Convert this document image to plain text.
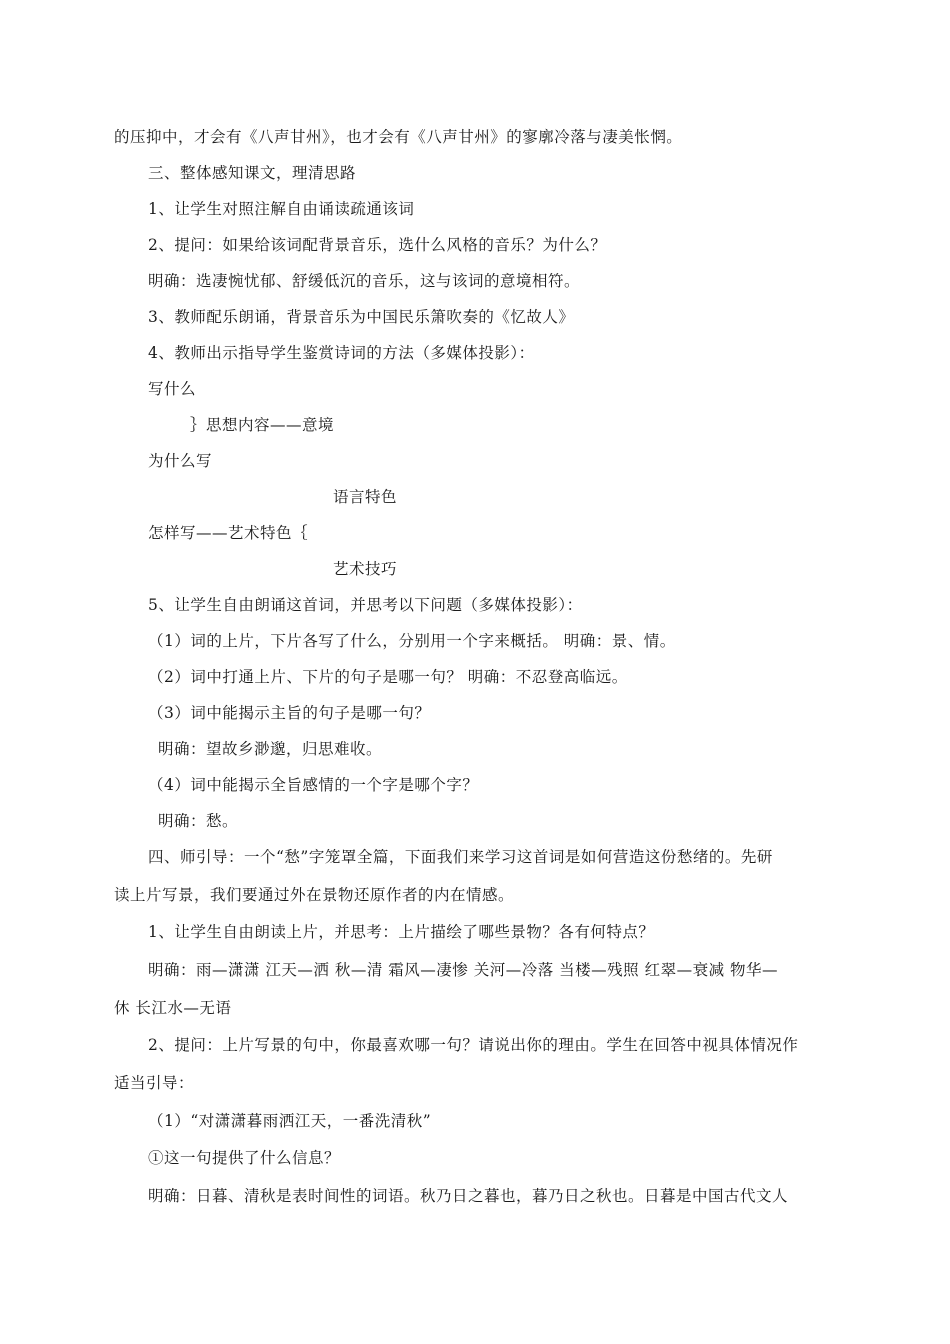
的压抑中，才会有《八声甘州》，也才会有《八声甘州》的寥廓冷落与凄美怅惘。
三、整体感知课文，理清思路
1、让学生对照注解自由诵读疏通该词
2、提问：如果给该词配背景音乐，选什么风格的音乐？为什么？
明确：选凄惋忧郁、舒缓低沉的音乐，这与该词的意境相符。
3、教师配乐朗诵，背景音乐为中国民乐箫吹奏的《忆故人》
4、教师出示指导学生鉴赏诗词的方法（多媒体投影）：
写什么
｝思想内容——意境
为什么写
语言特色
怎样写——艺术特色｛
艺术技巧
5、让学生自由朗诵这首词，并思考以下问题（多媒体投影）：
（1）词的上片，下片各写了什么，分别用一个字来概括。 明确：景、情。
（2）词中打通上片、下片的句子是哪一句？ 明确：不忍登高临远。
（3）词中能揭示主旨的句子是哪一句？
明确：望故乡渺邈，归思难收。
（4）词中能揭示全旨感情的一个字是哪个字？
明确：愁。
四、师引导：一个“愁”字笼罩全篇，下面我们来学习这首词是如何营造这份愁绪的。先研
读上片写景，我们要通过外在景物还原作者的内在情感。
1、让学生自由朗读上片，并思考：上片描绘了哪些景物？各有何特点？
明确：雨—潇潇 江天—洒 秋—清 霜风—凄惨 关河—冷落 当楼—残照 红翠—衰减 物华—
休 长江水—无语
2、提问：上片写景的句中，你最喜欢哪一句？请说出你的理由。学生在回答中视具体情况作
适当引导：
（1）“对潇潇暮雨洒江天，一番洗清秋”
①这一句提供了什么信息？
明确：日暮、清秋是表时间性的词语。秋乃日之暮也，暮乃日之秋也。日暮是中国古代文人
